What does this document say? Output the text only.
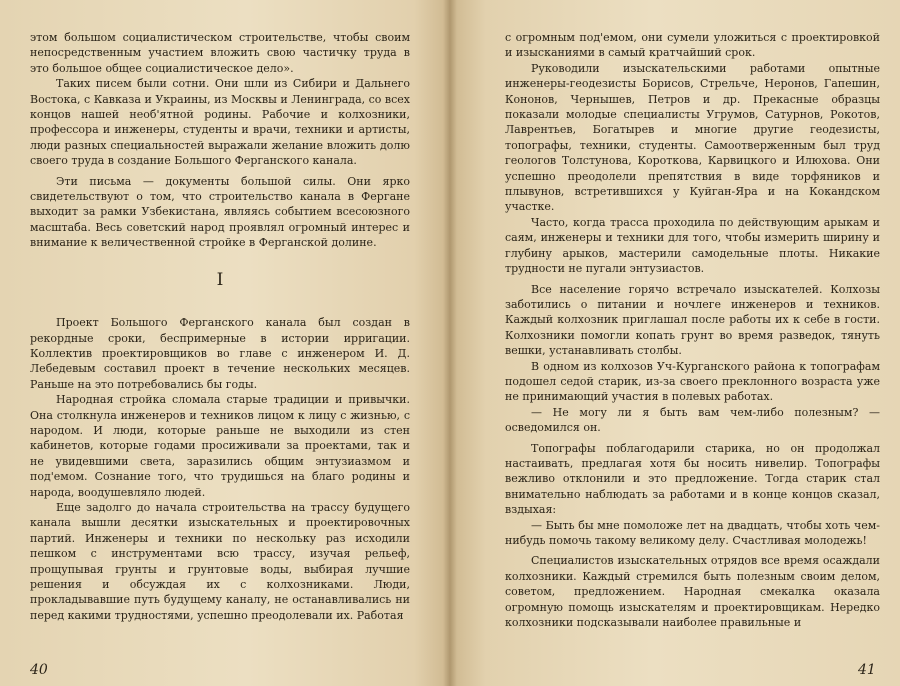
этом большом социалистическом строительстве, чтобы своим непосредственным участием вложить свою частичку труда в это большое общее социалистическое дело».

Таких писем были сотни. Они шли из Сибири и Дальнего Востока, с Кавказа и Украины, из Москвы и Ленинграда, со всех концов нашей необ'ятной родины. Рабочие и колхозники, профессора и инженеры, студенты и врачи, техники и артисты, люди разных специальностей выражали желание вложить долю своего труда в создание Большого Ферганского канала.

Эти письма — документы большой силы. Они ярко свидетельствуют о том, что строительство канала в Фергане выходит за рамки Узбекистана, являясь событием всесоюзного масштаба. Весь советский народ проявлял огромный интерес и внимание к величественной стройке в Ферганской долине.

I

Проект Большого Ферганского канала был создан в рекордные сроки, беспримерные в истории ирригации. Коллектив проектировщиков во главе с инженером И. Д. Лебедевым составил проект в течение нескольких месяцев. Раньше на это потребовались бы годы.

Народная стройка сломала старые традиции и привычки. Она столкнула инженеров и техников лицом к лицу с жизнью, с народом. И люди, которые раньше не выходили из стен кабинетов, которые годами просиживали за проектами, так и не увидевшими света, заразились общим энтузиазмом и под'емом. Сознание того, что трудишься на благо родины и народа, воодушевляло людей.

Еще задолго до начала строительства на трассу будущего канала вышли десятки изыскательных и проектировочных партий. Инженеры и техники по нескольку раз исходили пешком с инструментами всю трассу, изучая рельеф, прощупывая грунты и грунтовые воды, выбирая лучшие решения и обсуждая их с колхозниками. Люди, прокладывавшие путь будущему каналу, не останавливались ни перед какими трудностями, успешно преодолевали их. Работая

с огромным под'емом, они сумели уложиться с проектировкой и изысканиями в самый кратчайший срок.

Руководили изыскательскими работами опытные инженеры-геодезисты Борисов, Стрельче, Неронов, Гапешин, Кононов, Чернышев, Петров и др. Прекасные образцы показали молодые специалисты Угрумов, Сатурнов, Рокотов, Лаврентьев, Богатырев и многие другие геодезисты, топографы, техники, студенты. Самоотверженным был труд геологов Толстунова, Короткова, Карвицкого и Илюхова. Они успешно преодолели препятствия в виде торфяников и плывунов, встретившихся у Куйган-Яра и на Кокандском участке.

Часто, когда трасса проходила по действующим арыкам и саям, инженеры и техники для того, чтобы измерить ширину и глубину арыков, мастерили самодельные плоты. Никакие трудности не пугали энтузиастов.

Все население горячо встречало изыскателей. Колхозы заботились о питании и ночлеге инженеров и техников. Каждый колхозник приглашал после работы их к себе в гости. Колхозники помогли копать грунт во время разведок, тянуть вешки, устанавливать столбы.

В одном из колхозов Уч-Курганского района к топографам подошел седой старик, из-за своего преклонного возраста уже не принимающий участия в полевых работах.

— Не могу ли я быть вам чем-либо полезным? — осведомился он.

Топографы поблагодарили старика, но он продолжал настаивать, предлагая хотя бы носить нивелир. Топографы вежливо отклонили и это предложение. Тогда старик стал внимательно наблюдать за работами и в конце концов сказал, вздыхая:

— Быть бы мне помоложе лет на двадцать, чтобы хоть чем-нибудь помочь такому великому делу. Счастливая молодежь!

Специалистов изыскательных отрядов все время осаждали колхозники. Каждый стремился быть полезным своим делом, советом, предложением. Народная смекалка оказала огромную помощь изыскателям и проектировщикам. Нередко колхозники подсказывали наиболее правильные и

40	41
